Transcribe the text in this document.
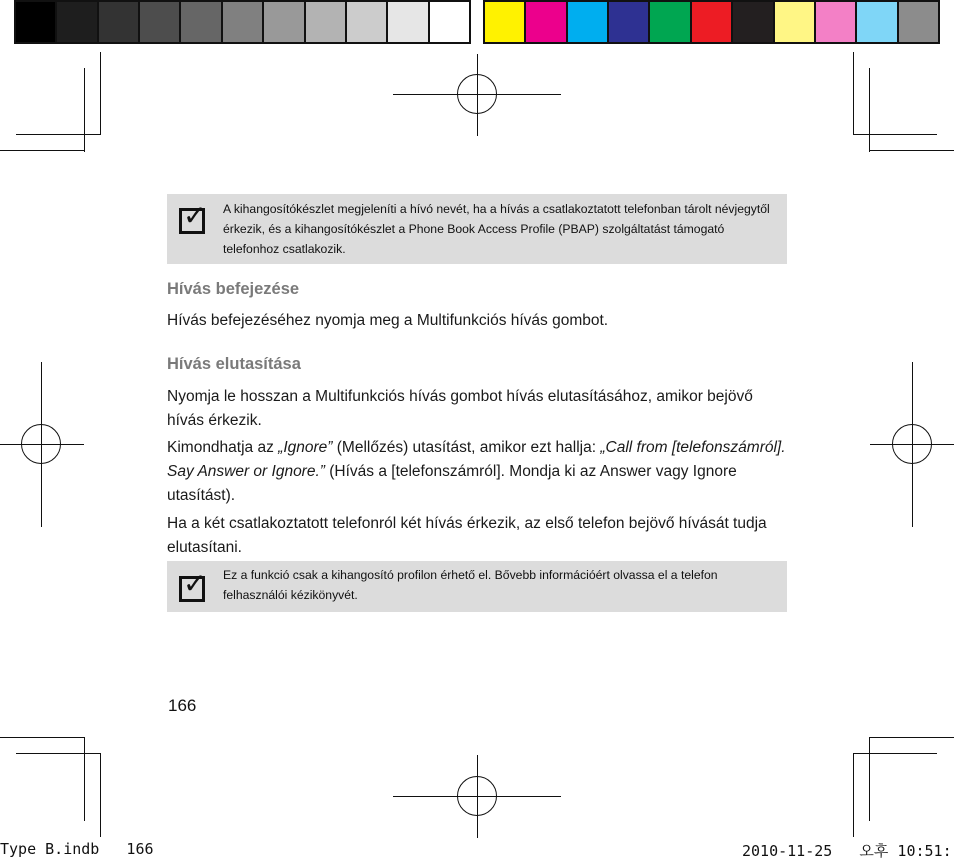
✓ A kihangosítókészlet megjeleníti a hívó nevét, ha a hívás a csatlakoztatott telefonban tárolt névjegytől érkezik, és a kihangosítókészlet a Phone Book Access Profile (PBAP) szolgáltatást támogató telefonhoz csatlakozik.
Hívás befejezése
Hívás befejezéséhez nyomja meg a Multifunkciós hívás gombot.
Hívás elutasítása
Nyomja le hosszan a Multifunkciós hívás gombot hívás elutasításához, amikor bejövő hívás érkezik.
Kimondhatja az „Ignore” (Mellőzés) utasítást, amikor ezt hallja: „Call from [telefonszámról]. Say Answer or Ignore.” (Hívás a [telefonszámról]. Mondja ki az Answer vagy Ignore utasítást).
Ha a két csatlakoztatott telefonról két hívás érkezik, az első telefon bejövő hívását tudja elutasítani.
✓ Ez a funkció csak a kihangosító profilon érhető el. Bővebb információért olvassa el a telefon felhasználói kézikönyvét.
166
Type B.indb   166	2010-11-25   오후 10:51:
